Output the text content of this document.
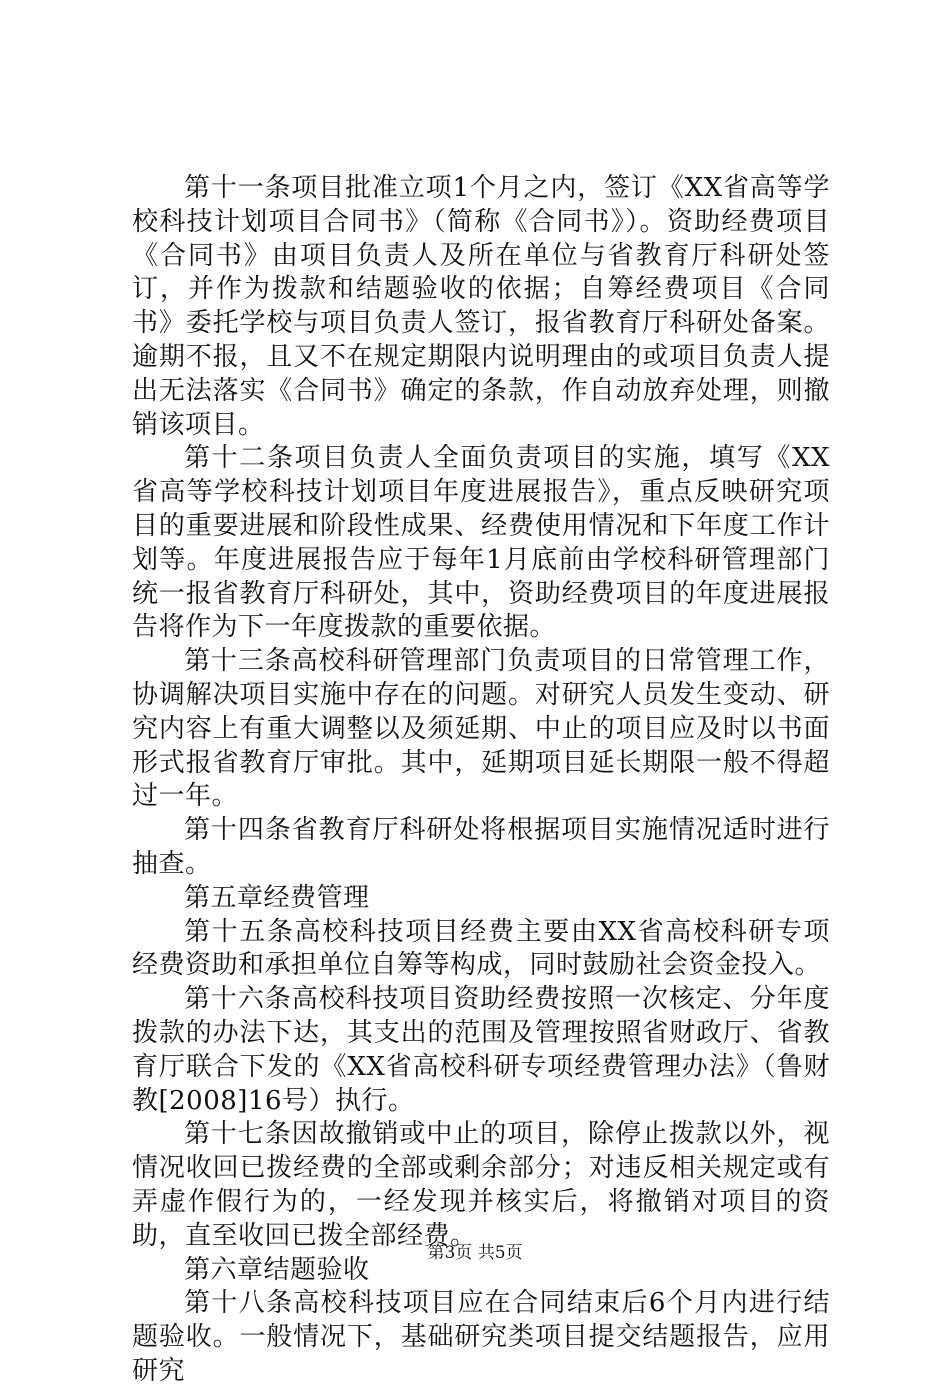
第十一条项目批准立项1个月之内，签订《XX省高等学校科技计划项目合同书》（简称《合同书》）。资助经费项目《合同书》由项目负责人及所在单位与省教育厅科研处签订，并作为拨款和结题验收的依据；自筹经费项目《合同书》委托学校与项目负责人签订，报省教育厅科研处备案。逾期不报，且又不在规定期限内说明理由的或项目负责人提出无法落实《合同书》确定的条款，作自动放弃处理，则撤销该项目。

第十二条项目负责人全面负责项目的实施，填写《XX省高等学校科技计划项目年度进展报告》，重点反映研究项目的重要进展和阶段性成果、经费使用情况和下年度工作计划等。年度进展报告应于每年1月底前由学校科研管理部门统一报省教育厅科研处，其中，资助经费项目的年度进展报告将作为下一年度拨款的重要依据。

第十三条高校科研管理部门负责项目的日常管理工作，协调解决项目实施中存在的问题。对研究人员发生变动、研究内容上有重大调整以及须延期、中止的项目应及时以书面形式报省教育厅审批。其中，延期项目延长期限一般不得超过一年。

第十四条省教育厅科研处将根据项目实施情况适时进行抽查。

第五章经费管理

第十五条高校科技项目经费主要由XX省高校科研专项经费资助和承担单位自筹等构成，同时鼓励社会资金投入。

第十六条高校科技项目资助经费按照一次核定、分年度拨款的办法下达，其支出的范围及管理按照省财政厅、省教育厅联合下发的《XX省高校科研专项经费管理办法》（鲁财教[2008]16号）执行。

第十七条因故撤销或中止的项目，除停止拨款以外，视情况收回已拨经费的全部或剩余部分；对违反相关规定或有弄虚作假行为的，一经发现并核实后，将撤销对项目的资助，直至收回已拨全部经费。

第六章结题验收

第十八条高校科技项目应在合同结束后6个月内进行结题验收。一般情况下，基础研究类项目提交结题报告，应用研究

第3页 共5页
